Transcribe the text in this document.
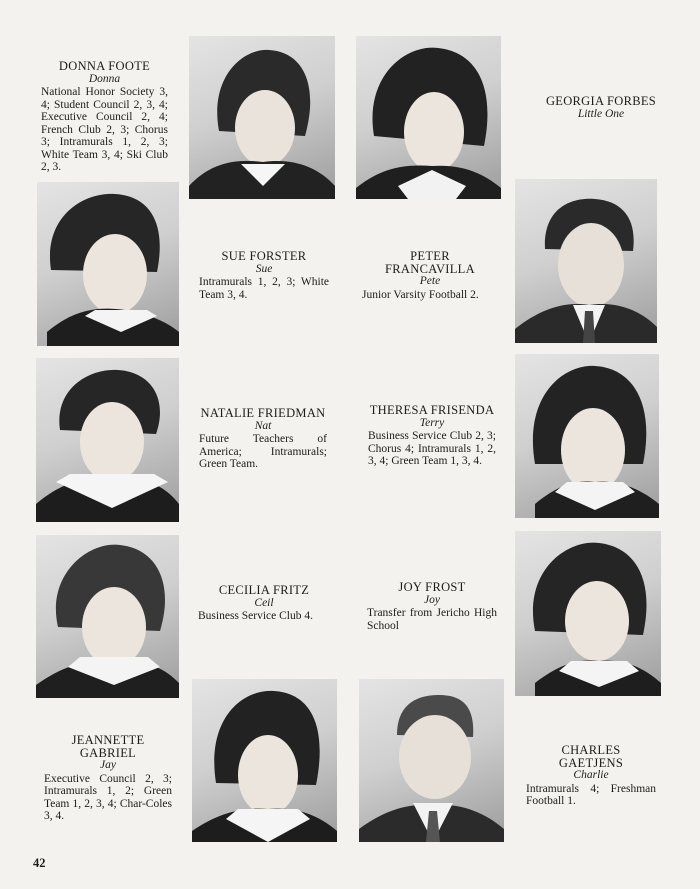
DONNA FOOTE
Donna
National Honor Society 3, 4; Student Council 2, 3, 4; Executive Council 2, 4; French Club 2, 3; Chorus 3; Intramurals 1, 2, 3; White Team 3, 4; Ski Club 2, 3.
GEORGIA FORBES
Little One
SUE FORSTER
Sue
Intramurals 1, 2, 3; White Team 3, 4.
PETER
FRANCAVILLA
Pete
Junior Varsity Football 2.
NATALIE FRIEDMAN
Nat
Future Teachers of America; Intramurals; Green Team.
THERESA FRISENDA
Terry
Business Service Club 2, 3; Chorus 4; Intramurals 1, 2, 3, 4; Green Team 1, 3, 4.
CECILIA FRITZ
Ceil
Business Service Club 4.
JOY FROST
Joy
Transfer from Jericho High School
JEANNETTE
GABRIEL
Jay
Executive Council 2, 3; Intramurals 1, 2; Green Team 1, 2, 3, 4; Char-Coles 3, 4.
CHARLES
GAETJENS
Charlie
Intramurals 4; Freshman Football 1.
42
